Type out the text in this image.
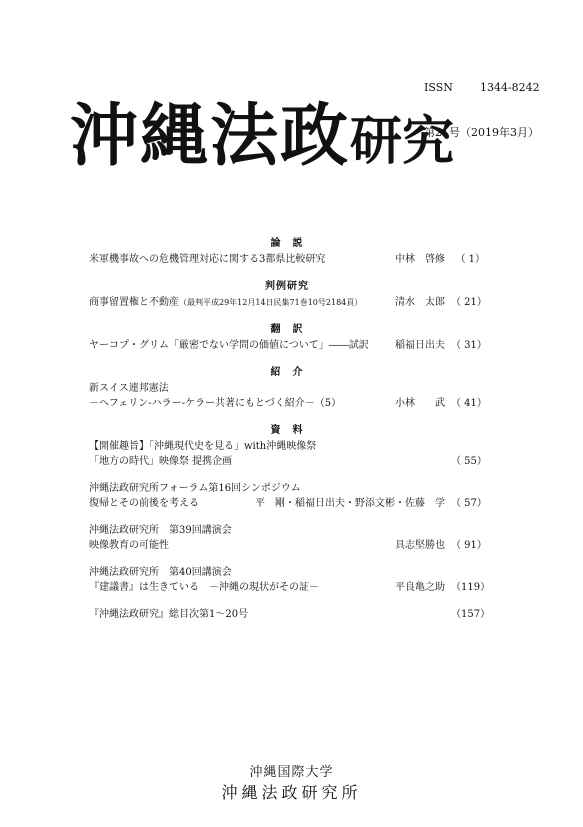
ISSN	1344-8242

第21号（2019年3月）

沖縄法政研究
論　説
米軍機事故への危機管理対応に関する3都県比較研究	中林　啓修	（ 1）
判例研究
商事留置権と不動産（最判平成29年12月14日民集71巻10号2184頁）	清水　太郎 （ 21）
翻　訳
ヤーコプ・グリム「厳密でない学問の価値について」――試訳	稲福日出夫 （ 31）
紹　介
新スイス連邦憲法
－ヘフェリン-ハラー-ケラー共著にもとづく紹介－（5）	小林　　武 （ 41）
資　料
【開催趣旨】「沖縄現代史を見る」with沖縄映像祭
「地方の時代」映像祭 提携企画	（ 55）
沖縄法政研究所フォーラム第16回シンポジウム
復帰とその前後を考える	平　剛・稲福日出夫・野添文彬・佐藤　学 （ 57）
沖縄法政研究所　第39回講演会
映像教育の可能性	具志堅勝也 （ 91）
沖縄法政研究所　第40回講演会
『建議書』は生きている　－沖縄の現状がその証－	平良亀之助 （119）
『沖縄法政研究』総目次第1～20号	（157）
沖縄国際大学
沖縄法政研究所
